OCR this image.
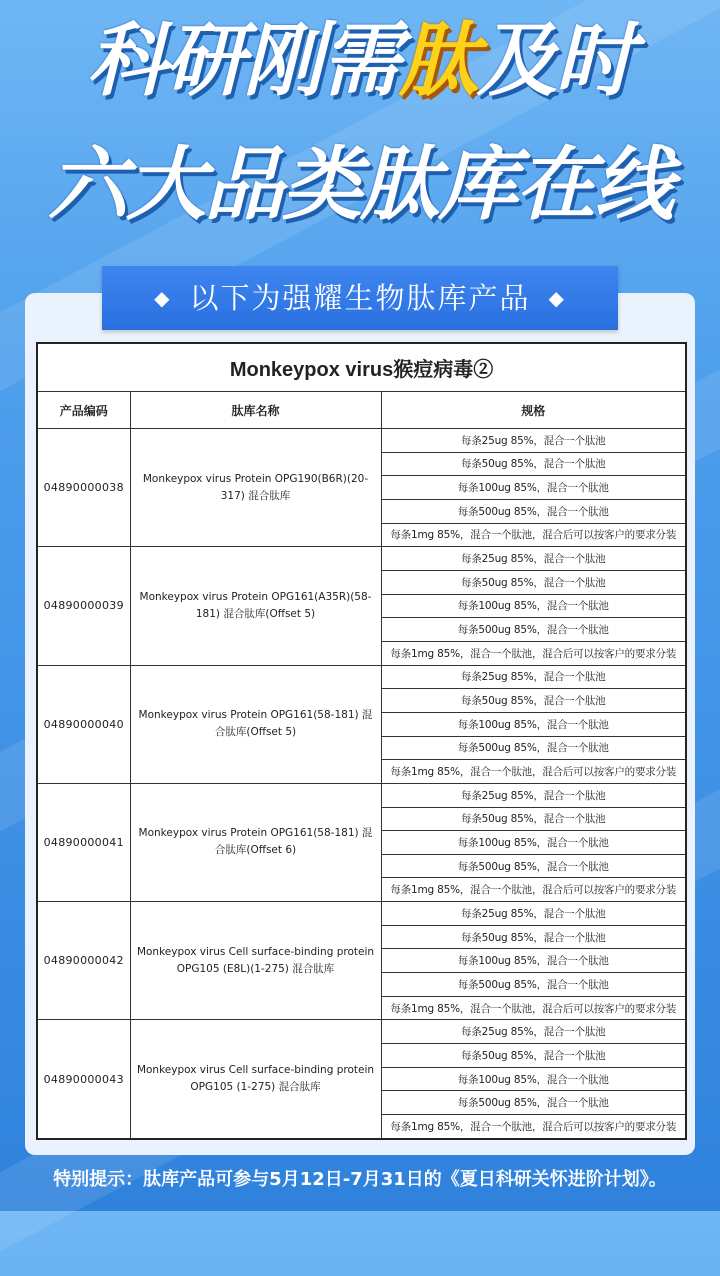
科研刚需肽及时
六大品类肽库在线
◆ 以下为强耀生物肽库产品 ◆
Monkeypox virus猴痘病毒②		
产品编码	肽库名称	规格
04890000038	Monkeypox virus Protein OPG190(B6R)(20-317) 混合肽库	每条25ug 85%，混合一个肽池
		每条50ug 85%，混合一个肽池
		每条100ug 85%，混合一个肽池
		每条500ug 85%，混合一个肽池
		每条1mg 85%，混合一个肽池，混合后可以按客户的要求分装
04890000039	Monkeypox virus Protein OPG161(A35R)(58-181) 混合肽库(Offset 5)	每条25ug 85%，混合一个肽池
		每条50ug 85%，混合一个肽池
		每条100ug 85%，混合一个肽池
		每条500ug 85%，混合一个肽池
		每条1mg 85%，混合一个肽池，混合后可以按客户的要求分装
04890000040	Monkeypox virus Protein OPG161(58-181) 混合肽库(Offset 5)	每条25ug 85%，混合一个肽池
		每条50ug 85%，混合一个肽池
		每条100ug 85%，混合一个肽池
		每条500ug 85%，混合一个肽池
		每条1mg 85%，混合一个肽池，混合后可以按客户的要求分装
04890000041	Monkeypox virus Protein OPG161(58-181) 混合肽库(Offset 6)	每条25ug 85%，混合一个肽池
		每条50ug 85%，混合一个肽池
		每条100ug 85%，混合一个肽池
		每条500ug 85%，混合一个肽池
		每条1mg 85%，混合一个肽池，混合后可以按客户的要求分装
04890000042	Monkeypox virus Cell surface-binding protein OPG105 (E8L)(1-275) 混合肽库	每条25ug 85%，混合一个肽池
		每条50ug 85%，混合一个肽池
		每条100ug 85%，混合一个肽池
		每条500ug 85%，混合一个肽池
		每条1mg 85%，混合一个肽池，混合后可以按客户的要求分装
04890000043	Monkeypox virus Cell surface-binding protein OPG105 (1-275) 混合肽库	每条25ug 85%，混合一个肽池
		每条50ug 85%，混合一个肽池
		每条100ug 85%，混合一个肽池
		每条500ug 85%，混合一个肽池
		每条1mg 85%，混合一个肽池，混合后可以按客户的要求分装
特别提示：肽库产品可参与5月12日-7月31日的《夏日科研关怀进阶计划》。
